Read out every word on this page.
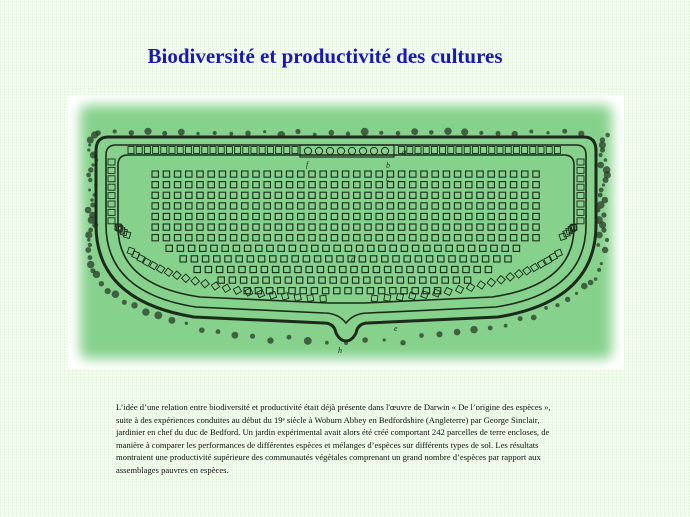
Biodiversité et productivité des cultures
a
b
c
d
e
f
h
L’idée d’une relation entre biodiversité et productivité était déjà présente dans l'œuvre de Darwin « De l’origine des espèces », suite à des expériences conduites au début du 19ᵉ siècle à Woburn Abbey en Bedfordshire (Angleterre) par George Sinclair, jardinier en chef du duc de Bedford. Un jardin expérimental avait alors été créé comportant 242 parcelles de terre encloses, de manière à comparer les performances de différentes espèces et mélanges d’espèces sur différents types de sol. Les résultats montraient une productivité supérieure des communautés végétales comprenant un grand nombre d’espèces par rapport aux assemblages pauvres en espèces.
